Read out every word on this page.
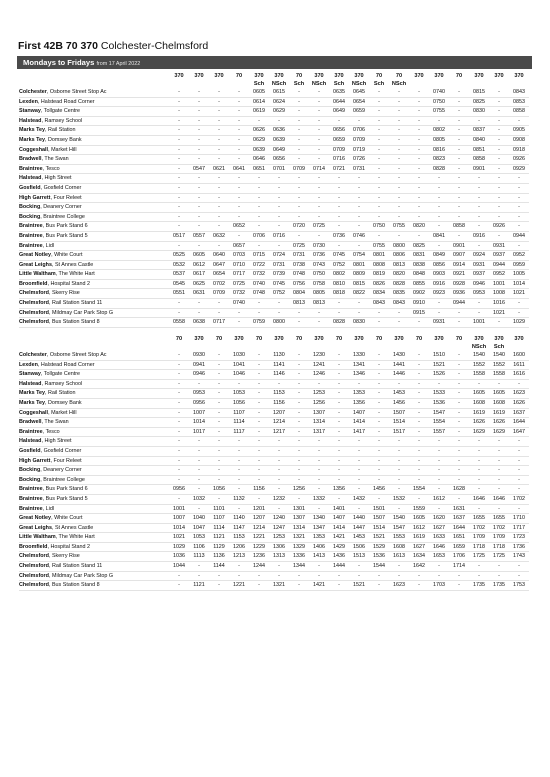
First 42B 70 370 Colchester-Chelmsford
Mondays to Fridays from 17 April 2022
	370	370	370	70	370	370	70	370	370	370	70	70	370	370	70	370	370	370
					Sch	NSch	Sch	NSch	Sch	NSch	Sch	NSch						
Colchester, Osborne Street Stop Ac	-	-	-	-	0605	0615	-	-	0635	0645	-	-	-	0740	-	0815	-	0843
Lexden, Halstead Road Corner	-	-	-	-	0614	0624	-	-	0644	0654	-	-	-	0750	-	0825	-	0853
Stanway, Tollgate Centre	-	-	-	-	0619	0629	-	-	0649	0659	-	-	-	0755	-	0830	-	0858
Halstead, Ramsey School	-	-	-	-	-	-	-	-	-	-	-	-	-	-	-	-	-	-
Marks Tey, Rail Station	-	-	-	-	0626	0636	-	-	0656	0706	-	-	-	0802	-	0837	-	0905
Marks Tey, Domsey Bank	-	-	-	-	0629	0639	-	-	0659	0709	-	-	-	0805	-	0840	-	0908
Coggeshall, Market Hill	-	-	-	-	0639	0649	-	-	0709	0719	-	-	-	0816	-	0851	-	0918
Bradwell, The Swan	-	-	-	-	0646	0656	-	-	0716	0726	-	-	-	0823	-	0858	-	0926
Braintree, Tesco	-	0547	0621	0641	0651	0701	0709	0714	0721	0731	-	-	-	0828	-	0901	-	0929
Halstead, High Street	-	-	-	-	-	-	-	-	-	-	-	-	-	-	-	-	-	-
Gosfield, Gosfield Corner	-	-	-	-	-	-	-	-	-	-	-	-	-	-	-	-	-	-
High Garrett, Four Releet	-	-	-	-	-	-	-	-	-	-	-	-	-	-	-	-	-	-
Bocking, Deanery Corner	-	-	-	-	-	-	-	-	-	-	-	-	-	-	-	-	-	-
Bocking, Braintree College	-	-	-	-	-	-	-	-	-	-	-	-	-	-	-	-	-	-
Braintree, Bus Park Stand 6	-	-	-	0652	-	-	0720	0725	-	-	0750	0755	0820	-	0858	-	0926	-
Braintree, Bus Park Stand 5	0517	0557	0632	-	0706	0716	-	-	0736	0746	-	-	-	0841	-	0916	-	0944
Braintree, Lidl	-	-	-	0657	-	-	0725	0730	-	-	0755	0800	0825	-	0901	-	0931	-
Great Notley, White Court	0525	0605	0640	0703	0715	0724	0731	0736	0745	0754	0801	0806	0831	0849	0907	0924	0937	0952
Great Leighs, St Annes Castle	0532	0612	0647	0710	0722	0731	0738	0743	0752	0801	0808	0813	0838	0856	0914	0931	0944	0959
Little Waltham, The White Hart	0537	0617	0654	0717	0732	0739	0748	0750	0802	0809	0819	0820	0848	0903	0921	0937	0952	1005
Broomfield, Hospital Stand 2	0545	0625	0702	0725	0740	0745	0756	0758	0810	0815	0826	0828	0855	0916	0928	0946	1001	1014
Chelmsford, Skerry Rise	0551	0631	0709	0732	0748	0752	0804	0805	0818	0822	0834	0835	0902	0923	0936	0953	1008	1021
Chelmsford, Rail Station Stand 11	-	-	-	0740	-	-	0813	0813	-	-	0843	0843	0910	-	0944	-	1016	-
Chelmsford, Mildmay Car Park Stop G	-	-	-	-	-	-	-	-	-	-	-	-	0915	-	-	-	1021	-
Chelmsford, Bus Station Stand 8	0558	0638	0717	-	0759	0800	-	-	0828	0830	-	-	-	0931	-	1001	-	1029
	70	370	70	370	70	370	70	370	70	370	70	370	70	370	70	370	370	370
																NSch	Sch	
Colchester, Osborne Street Stop Ac	-	0930	-	1030	-	1130	-	1230	-	1330	-	1430	-	1510	-	1540	1540	1600
Lexden, Halstead Road Corner	-	0941	-	1041	-	1141	-	1241	-	1341	-	1441	-	1521	-	1552	1552	1611
Stanway, Tollgate Centre	-	0946	-	1046	-	1146	-	1246	-	1346	-	1446	-	1526	-	1558	1558	1616
Halstead, Ramsey School	-	-	-	-	-	-	-	-	-	-	-	-	-	-	-	-	-	-
Marks Tey, Rail Station	-	0953	-	1053	-	1153	-	1253	-	1353	-	1453	-	1533	-	1605	1605	1623
Marks Tey, Domsey Bank	-	0956	-	1056	-	1156	-	1256	-	1356	-	1456	-	1536	-	1608	1608	1626
Coggeshall, Market Hill	-	1007	-	1107	-	1207	-	1307	-	1407	-	1507	-	1547	-	1619	1619	1637
Bradwell, The Swan	-	1014	-	1114	-	1214	-	1314	-	1414	-	1514	-	1554	-	1626	1626	1644
Braintree, Tesco	-	1017	-	1117	-	1217	-	1317	-	1417	-	1517	-	1557	-	1629	1629	1647
Halstead, High Street	-	-	-	-	-	-	-	-	-	-	-	-	-	-	-	-	-	-
Gosfield, Gosfield Corner	-	-	-	-	-	-	-	-	-	-	-	-	-	-	-	-	-	-
High Garrett, Four Releet	-	-	-	-	-	-	-	-	-	-	-	-	-	-	-	-	-	-
Bocking, Deanery Corner	-	-	-	-	-	-	-	-	-	-	-	-	-	-	-	-	-	-
Bocking, Braintree College	-	-	-	-	-	-	-	-	-	-	-	-	-	-	-	-	-	-
Braintree, Bus Park Stand 6	0956	-	1056	-	1156	-	1256	-	1356	-	1456	-	1554	-	1628	-	-	-
Braintree, Bus Park Stand 5	-	1032	-	1132	-	1232	-	1332	-	1432	-	1532	-	1612	-	1646	1646	1702
Braintree, Lidl	1001	-	1101	-	1201	-	1301	-	1401	-	1501	-	1559	-	1631	-	-	-
Great Notley, White Court	1007	1040	1107	1140	1207	1240	1307	1340	1407	1440	1507	1540	1605	1620	1637	1655	1655	1710
Great Leighs, St Annes Castle	1014	1047	1114	1147	1214	1247	1314	1347	1414	1447	1514	1547	1612	1627	1644	1702	1702	1717
Little Waltham, The White Hart	1021	1053	1121	1153	1221	1253	1321	1353	1421	1453	1521	1553	1619	1633	1651	1709	1709	1723
Broomfield, Hospital Stand 2	1029	1106	1129	1206	1229	1306	1329	1406	1429	1506	1529	1608	1627	1646	1659	1718	1718	1736
Chelmsford, Skerry Rise	1036	1113	1136	1213	1236	1313	1336	1413	1436	1513	1536	1613	1634	1653	1706	1725	1725	1743
Chelmsford, Rail Station Stand 11	1044	-	1144	-	1244	-	1344	-	1444	-	1544	-	1642	-	1714	-	-	-
Chelmsford, Mildmay Car Park Stop G	-	-	-	-	-	-	-	-	-	-	-	-	-	-	-	-	-	-
Chelmsford, Bus Station Stand 8	-	1121	-	1221	-	1321	-	1421	-	1521	-	1623	-	1703	-	1735	1735	1753
